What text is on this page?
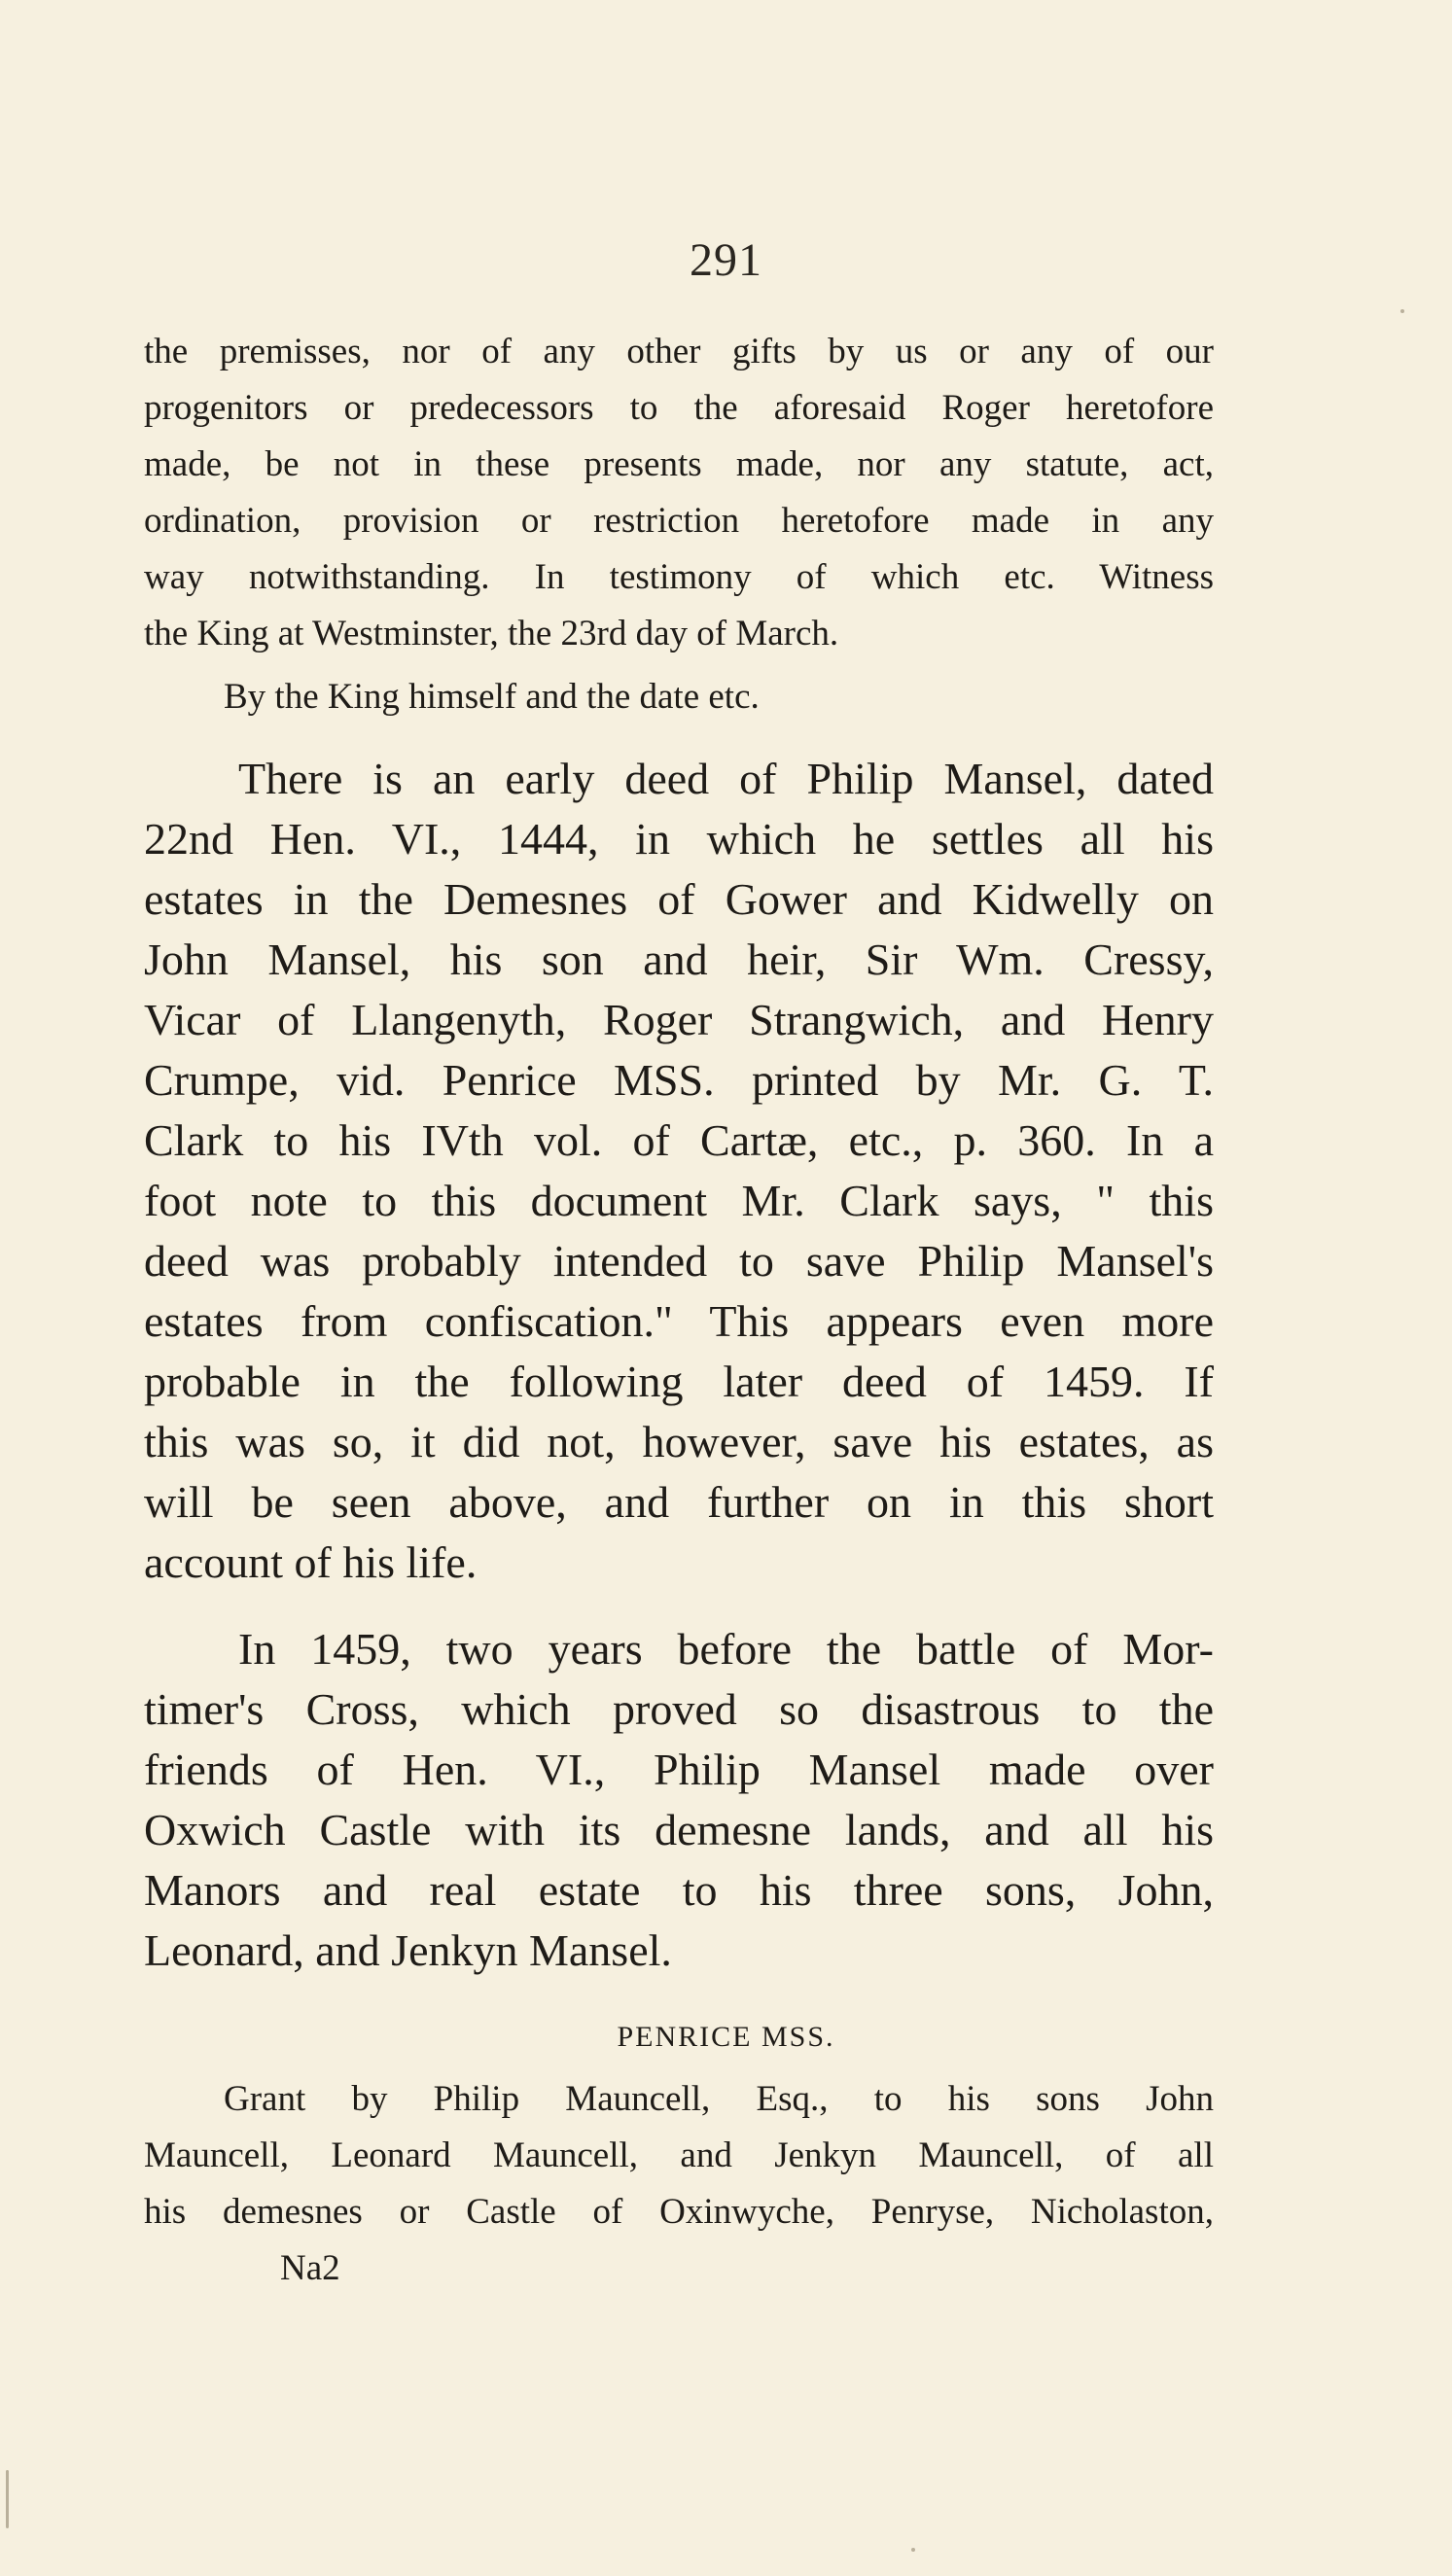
291
the premisses, nor of any other gifts by us or any of our
progenitors or predecessors to the aforesaid Roger heretofore
made, be not in these presents made, nor any statute, act,
ordination, provision or restriction heretofore made in any
way notwithstanding. In testimony of which etc. Witness
the King at Westminster, the 23rd day of March.
By the King himself and the date etc.
There is an early deed of Philip Mansel, dated
22nd Hen. VI., 1444, in which he settles all his
estates in the Demesnes of Gower and Kidwelly on
John Mansel, his son and heir, Sir Wm. Cressy,
Vicar of Llangenyth, Roger Strangwich, and Henry
Crumpe, vid. Penrice MSS. printed by Mr. G. T.
Clark to his IVth vol. of Cartæ, etc., p. 360. In a
foot note to this document Mr. Clark says, " this
deed was probably intended to save Philip Mansel's
estates from confiscation." This appears even more
probable in the following later deed of 1459. If
this was so, it did not, however, save his estates, as
will be seen above, and further on in this short
account of his life.
In 1459, two years before the battle of Mor-
timer's Cross, which proved so disastrous to the
friends of Hen. VI., Philip Mansel made over
Oxwich Castle with its demesne lands, and all his
Manors and real estate to his three sons, John,
Leonard, and Jenkyn Mansel.
PENRICE MSS.
Grant by Philip Mauncell, Esq., to his sons John
Mauncell, Leonard Mauncell, and Jenkyn Mauncell, of all
his demesnes or Castle of Oxinwyche, Penryse, Nicholaston,
Na2
